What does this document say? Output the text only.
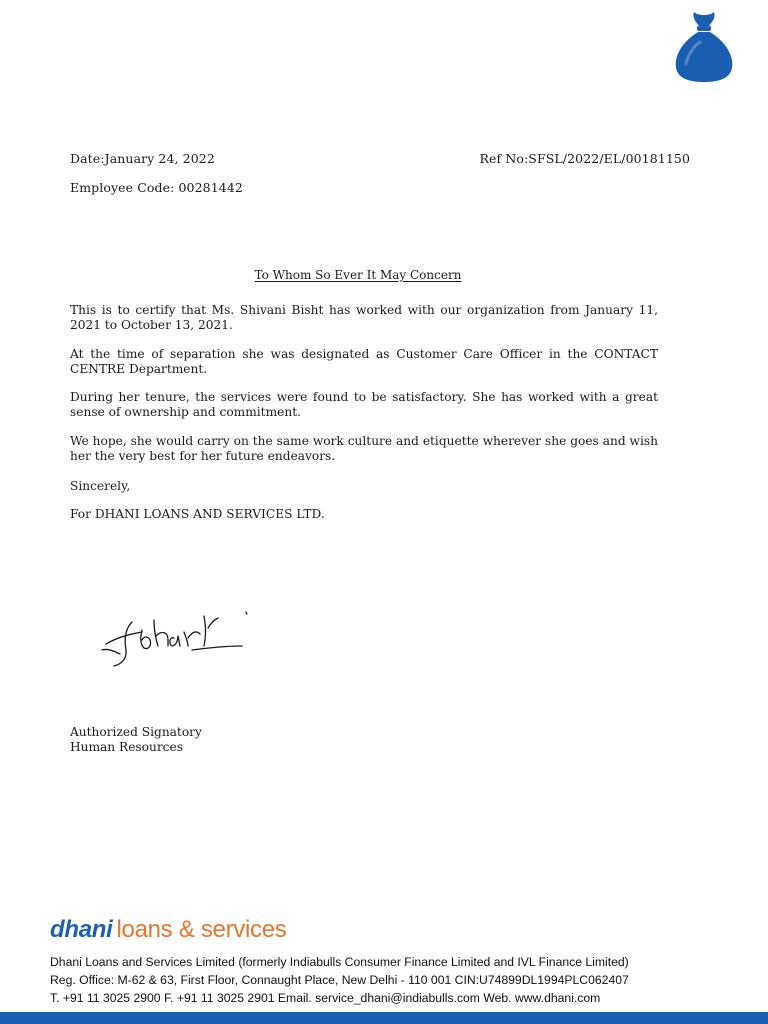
Date:January 24, 2022	Ref No:SFSL/2022/EL/00181150
Employee Code: 00281442
To Whom So Ever It May Concern

This is to certify that Ms. Shivani Bisht has worked with our organization from January 11, 2021 to October 13, 2021.

At the time of separation she was designated as Customer Care Officer in the CONTACT CENTRE Department.

During her tenure, the services were found to be satisfactory. She has worked with a great sense of ownership and commitment.

We hope, she would carry on the same work culture and etiquette wherever she goes and wish her the very best for her future endeavors.

Sincerely,

For DHANI LOANS AND SERVICES LTD.

Authorized Signatory
Human Resources
dhani loans & services
Dhani Loans and Services Limited (formerly Indiabulls Consumer Finance Limited and IVL Finance Limited)
Reg. Office: M-62 & 63, First Floor, Connaught Place, New Delhi - 110 001 CIN:U74899DL1994PLC062407
T. +91 11 3025 2900 F. +91 11 3025 2901 Email. service_dhani@indiabulls.com Web. www.dhani.com
